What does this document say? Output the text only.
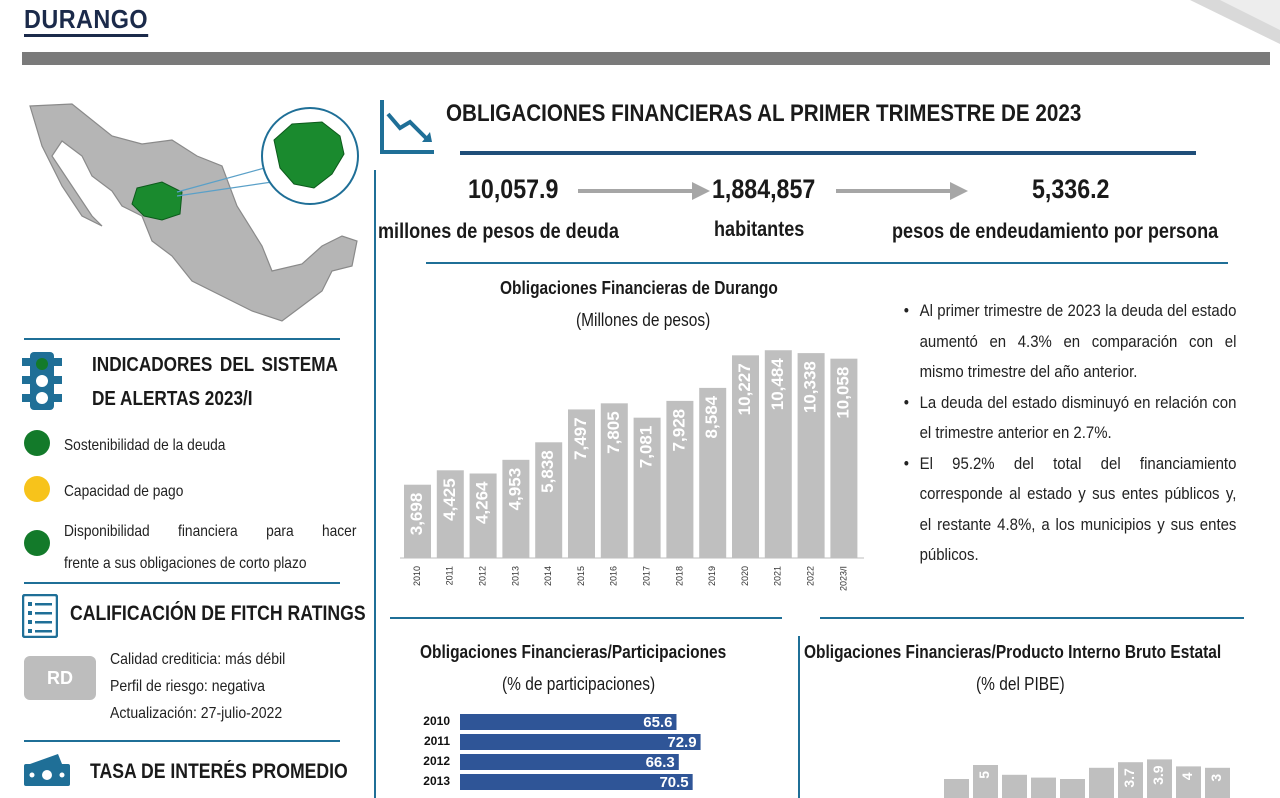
DURANGO
INDICADORES DEL SISTEMA
DE ALERTAS 2023/I
Sostenibilidad de la deuda
Capacidad de pago
Disponibilidad financiera para hacer
frente a sus obligaciones de corto plazo
CALIFICACIÓN DE FITCH RATINGS
RD
Calidad crediticia: más débil
Perfil de riesgo: negativa
Actualización: 27-julio-2022
TASA DE INTERÉS PROMEDIO
OBLIGACIONES FINANCIERAS AL PRIMER TRIMESTRE DE 2023
10,057.9
millones de pesos de deuda
1,884,857
habitantes
5,336.2
pesos de endeudamiento por persona
Obligaciones Financieras de Durango
(Millones de pesos)
3,698
2010
4,425
2011
4,264
2012
4,953
2013
5,838
2014
7,497
2015
7,805
2016
7,081
2017
7,928
2018
8,584
2019
10,227
2020
10,484
2021
10,338
2022
10,058
2023/I
• Al primer trimestre de 2023 la deuda del estado aumentó en 4.3% en comparación con el mismo trimestre del año anterior.
• La deuda del estado disminuyó en relación con el trimestre anterior en 2.7%.
• El 95.2% del total del financiamiento corresponde al estado y sus entes públicos y, el restante 4.8%, a los municipios y sus entes públicos.
Obligaciones Financieras/Participaciones
(% de participaciones)
2010	65.6
2011	72.9
2012	66.3
2013	70.5
Obligaciones Financieras/Producto Interno Bruto Estatal
(% del PIBE)
5	3.7 3.9 4 3
